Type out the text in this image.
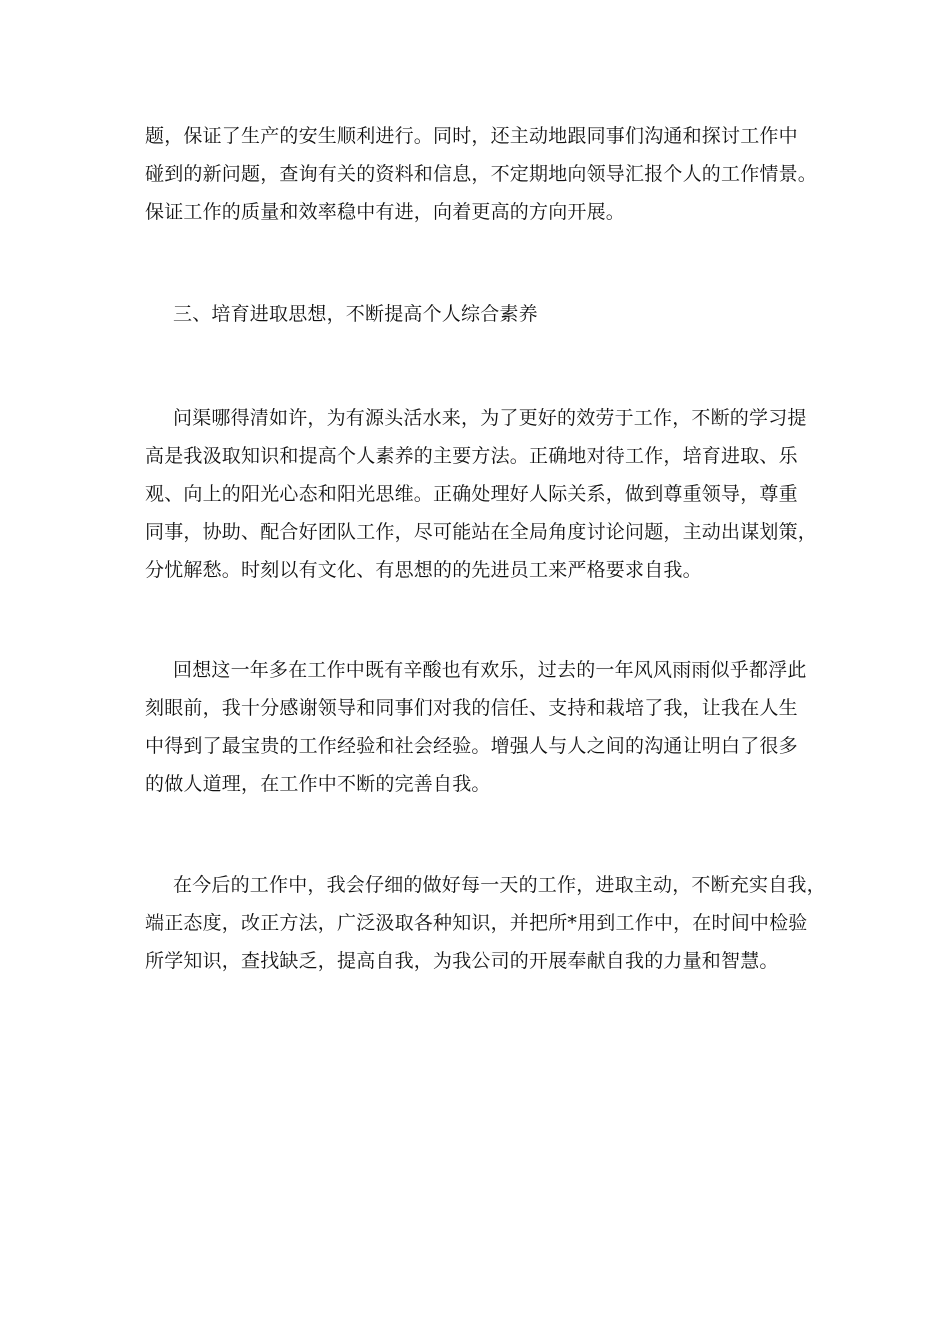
题，保证了生产的安生顺利进行。同时，还主动地跟同事们沟通和探讨工作中
碰到的新问题，查询有关的资料和信息，不定期地向领导汇报个人的工作情景。
保证工作的质量和效率稳中有进，向着更高的方向开展。

三、培育进取思想，不断提高个人综合素养

问渠哪得清如许，为有源头活水来，为了更好的效劳于工作，不断的学习提
高是我汲取知识和提高个人素养的主要方法。正确地对待工作，培育进取、乐
观、向上的阳光心态和阳光思维。正确处理好人际关系，做到尊重领导，尊重
同事，协助、配合好团队工作，尽可能站在全局角度讨论问题，主动出谋划策，
分忧解愁。时刻以有文化、有思想的的先进员工来严格要求自我。

回想这一年多在工作中既有辛酸也有欢乐，过去的一年风风雨雨似乎都浮此
刻眼前，我十分感谢领导和同事们对我的信任、支持和栽培了我，让我在人生
中得到了最宝贵的工作经验和社会经验。增强人与人之间的沟通让明白了很多
的做人道理，在工作中不断的完善自我。

在今后的工作中，我会仔细的做好每一天的工作，进取主动，不断充实自我，
端正态度，改正方法，广泛汲取各种知识，并把所*用到工作中，在时间中检验
所学知识，查找缺乏，提高自我，为我公司的开展奉献自我的力量和智慧。
